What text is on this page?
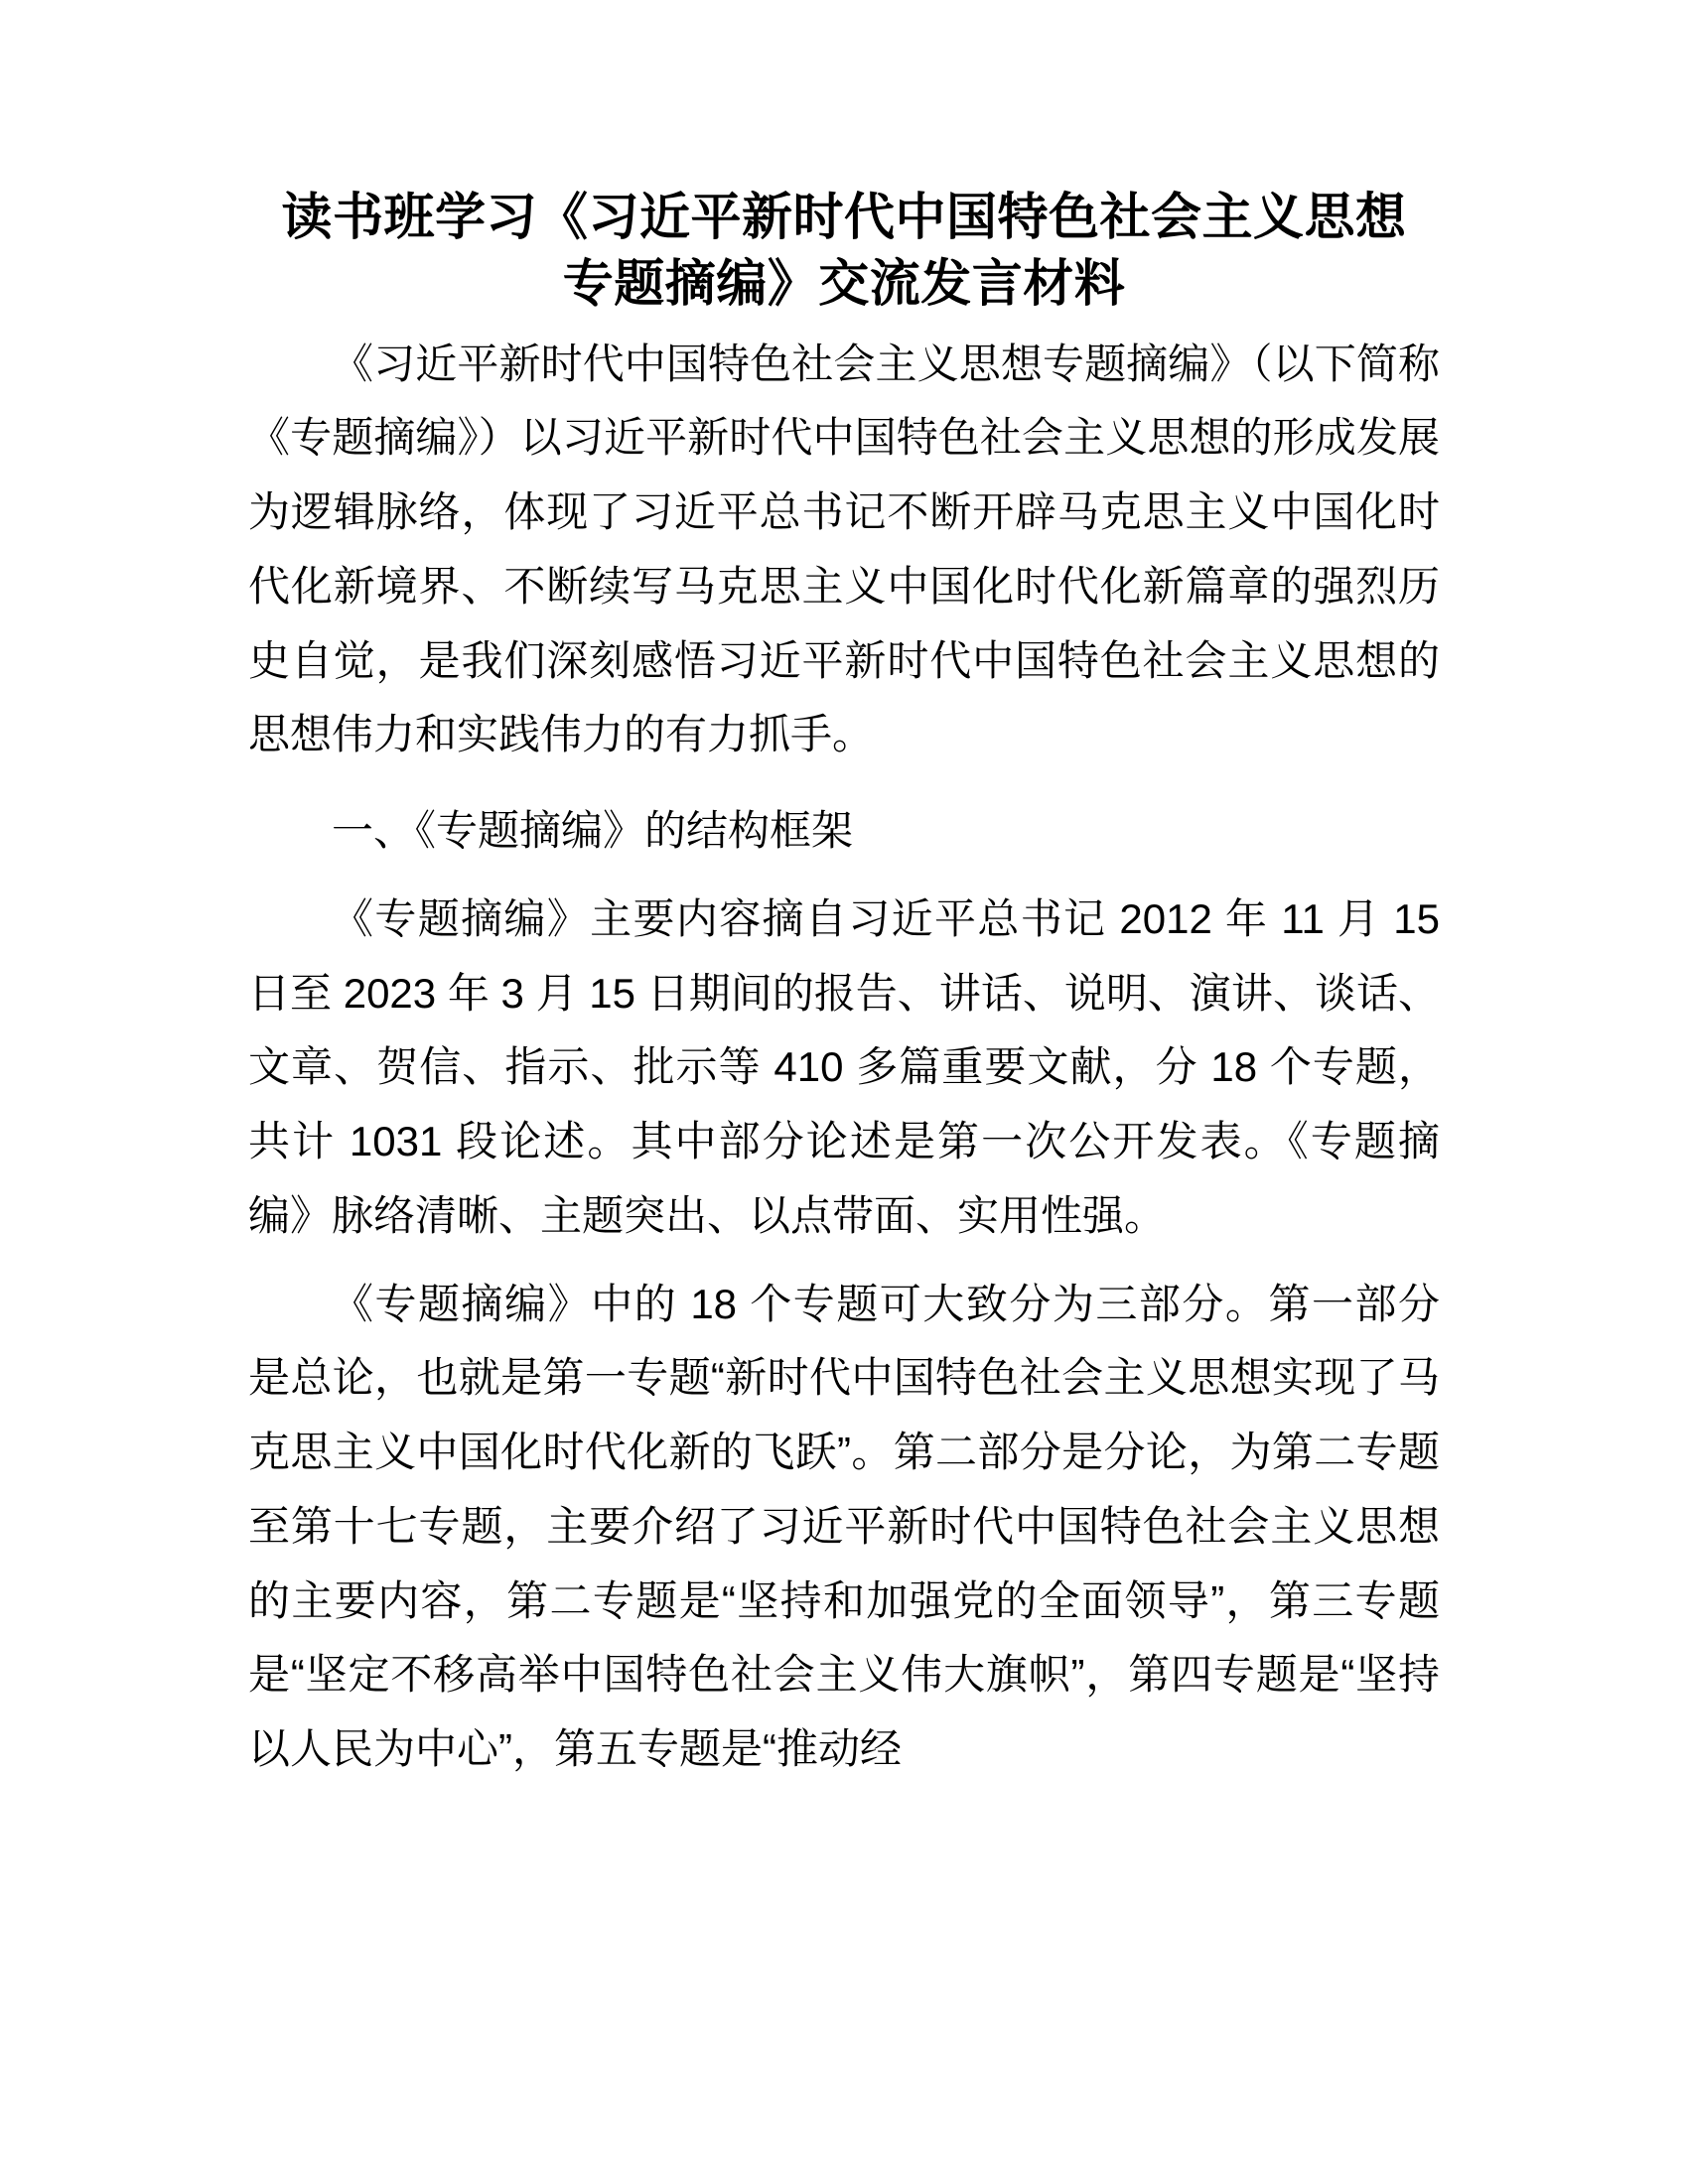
读书班学习《习近平新时代中国特色社会主义思想专题摘编》交流发言材料

《习近平新时代中国特色社会主义思想专题摘编》（以下简称《专题摘编》）以习近平新时代中国特色社会主义思想的形成发展为逻辑脉络，体现了习近平总书记不断开辟马克思主义中国化时代化新境界、不断续写马克思主义中国化时代化新篇章的强烈历史自觉，是我们深刻感悟习近平新时代中国特色社会主义思想的思想伟力和实践伟力的有力抓手。

一、《专题摘编》的结构框架

《专题摘编》主要内容摘自习近平总书记 2012 年 11 月 15 日至 2023 年 3 月 15 日期间的报告、讲话、说明、演讲、谈话、文章、贺信、指示、批示等 410 多篇重要文献，分 18 个专题，共计 1031 段论述。其中部分论述是第一次公开发表。《专题摘编》脉络清晰、主题突出、以点带面、实用性强。

《专题摘编》中的 18 个专题可大致分为三部分。第一部分是总论，也就是第一专题“新时代中国特色社会主义思想实现了马克思主义中国化时代化新的飞跃”。第二部分是分论，为第二专题至第十七专题，主要介绍了习近平新时代中国特色社会主义思想的主要内容，第二专题是“坚持和加强党的全面领导”，第三专题是“坚定不移高举中国特色社会主义伟大旗帜”，第四专题是“坚持以人民为中心”，第五专题是“推动经
